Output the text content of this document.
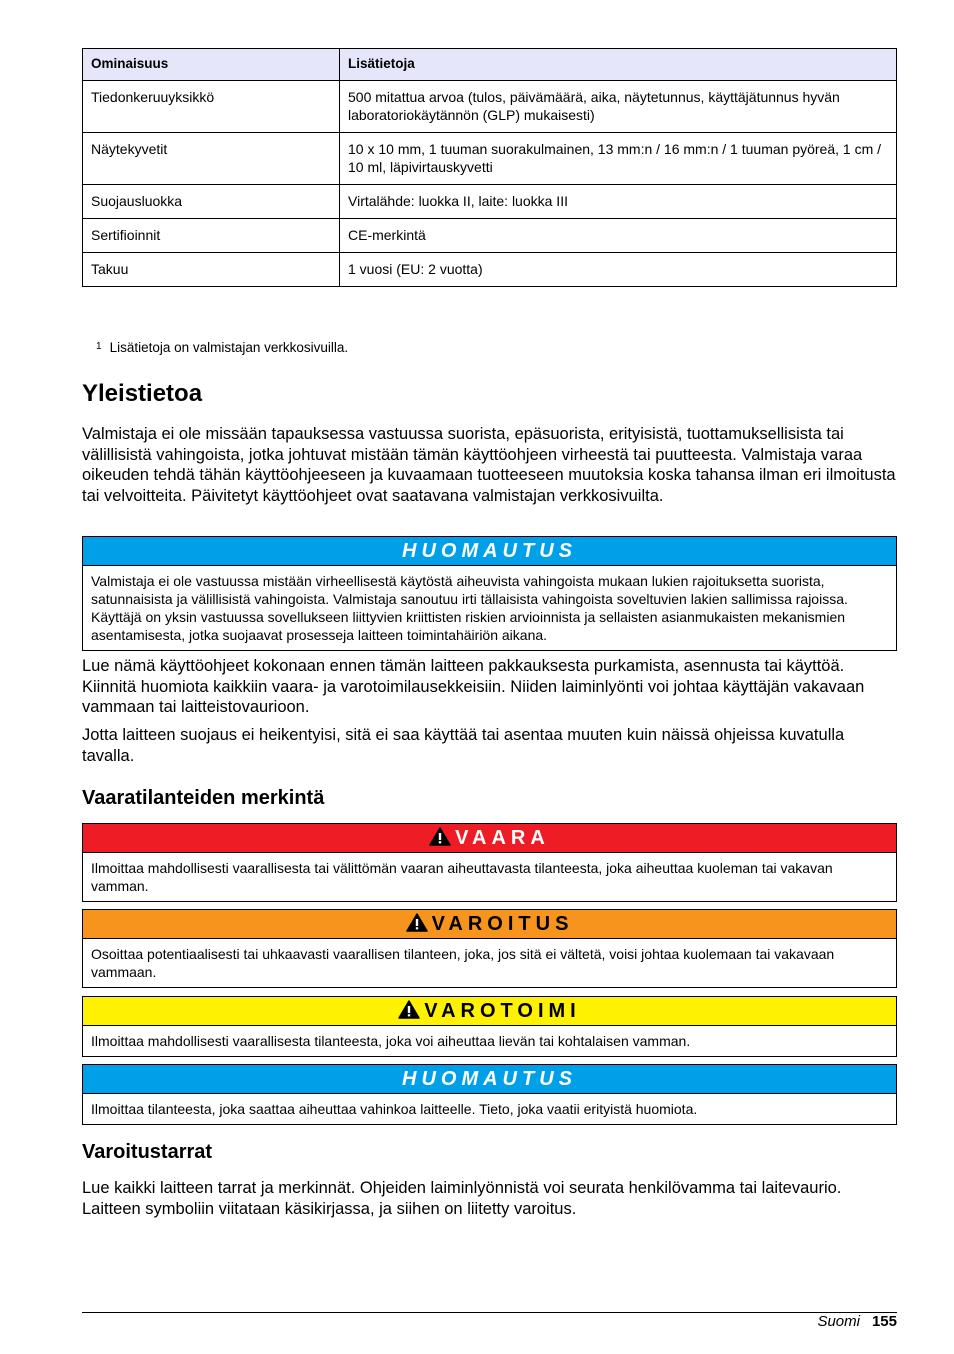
Ominaisuus	Lisätietoja
Tiedonkeruuyksikkö	500 mitattua arvoa (tulos, päivämäärä, aika, näytetunnus, käyttäjätunnus hyvän laboratoriokäytännön (GLP) mukaisesti)
Näytekyvetit	10 x 10 mm, 1 tuuman suorakulmainen, 13 mm:n / 16 mm:n / 1 tuuman pyöreä, 1 cm / 10 ml, läpivirtauskyvetti
Suojausluokka	Virtalähde: luokka II, laite: luokka III
Sertifioinnit	CE-merkintä
Takuu	1 vuosi (EU: 2 vuotta)
$^1$ Lisätietoja on valmistajan verkkosivuilla.
Yleistietoa

Valmistaja ei ole missään tapauksessa vastuussa suorista, epäsuorista, erityisistä, tuottamuksellisista tai välillisistä vahingoista, jotka johtuvat mistään tämän käyttöohjeen virheestä tai puutteesta. Valmistaja varaa oikeuden tehdä tähän käyttöohjeeseen ja kuvaamaan tuotteeseen muutoksia koska tahansa ilman eri ilmoitusta tai velvoitteita. Päivitetyt käyttöohjeet ovat saatavana valmistajan verkkosivuilta.

HUOMAUTUS
Valmistaja ei ole vastuussa mistään virheellisestä käytöstä aiheuvista vahingoista mukaan lukien rajoituksetta suorista, satunnaisista ja välillisistä vahingoista. Valmistaja sanoutuu irti tällaisista vahingoista soveltuvien lakien sallimissa rajoissa. Käyttäjä on yksin vastuussa sovellukseen liittyvien kriittisten riskien arvioinnista ja sellaisten asianmukaisten mekanismien asentamisesta, jotka suojaavat prosesseja laitteen toimintahäiriön aikana.

Lue nämä käyttöohjeet kokonaan ennen tämän laitteen pakkauksesta purkamista, asennusta tai käyttöä. Kiinnitä huomiota kaikkiin vaara- ja varotoimilausekkeisiin. Niiden laiminlyönti voi johtaa käyttäjän vakavaan vammaan tai laitteistovaurioon.

Jotta laitteen suojaus ei heikentyisi, sitä ei saa käyttää tai asentaa muuten kuin näissä ohjeissa kuvatulla tavalla.

Vaaratilanteiden merkintä
VAARA
Ilmoittaa mahdollisesti vaarallisesta tai välittömän vaaran aiheuttavasta tilanteesta, joka aiheuttaa kuoleman tai vakavan vamman.
VAROITUS
Osoittaa potentiaalisesti tai uhkaavasti vaarallisen tilanteen, joka, jos sitä ei vältetä, voisi johtaa kuolemaan tai vakavaan vammaan.
VAROTOIMI
Ilmoittaa mahdollisesti vaarallisesta tilanteesta, joka voi aiheuttaa lievän tai kohtalaisen vamman.
HUOMAUTUS
Ilmoittaa tilanteesta, joka saattaa aiheuttaa vahinkoa laitteelle. Tieto, joka vaatii erityistä huomiota.
Varoitustarrat

Lue kaikki laitteen tarrat ja merkinnät. Ohjeiden laiminlyönnistä voi seurata henkilövamma tai laitevaurio. Laitteen symboliin viitataan käsikirjassa, ja siihen on liitetty varoitus.

Suomi 155
